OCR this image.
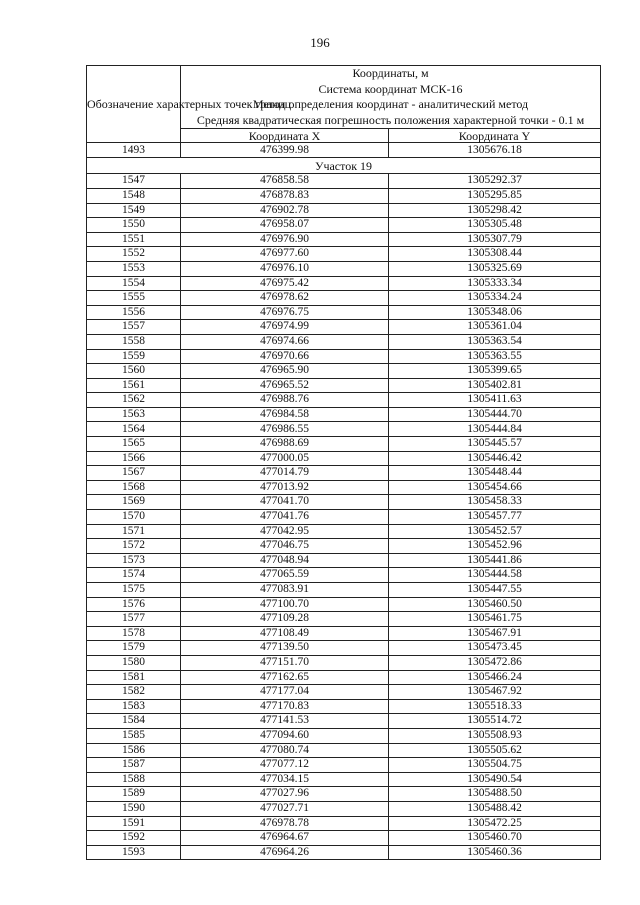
196
Обозначение характерных точек границ	Координаты, м
Система координат МСК-16
Метод определения координат - аналитический метод
Средняя квадратическая погрешность положения характерной точки - 0.1 м	

	Координата X	Координата Y
1493	476399.98	1305676.18
Участок 19		
1547	476858.58	1305292.37
1548	476878.83	1305295.85
1549	476902.78	1305298.42
1550	476958.07	1305305.48
1551	476976.90	1305307.79
1552	476977.60	1305308.44
1553	476976.10	1305325.69
1554	476975.42	1305333.34
1555	476978.62	1305334.24
1556	476976.75	1305348.06
1557	476974.99	1305361.04
1558	476974.66	1305363.54
1559	476970.66	1305363.55
1560	476965.90	1305399.65
1561	476965.52	1305402.81
1562	476988.76	1305411.63
1563	476984.58	1305444.70
1564	476986.55	1305444.84
1565	476988.69	1305445.57
1566	477000.05	1305446.42
1567	477014.79	1305448.44
1568	477013.92	1305454.66
1569	477041.70	1305458.33
1570	477041.76	1305457.77
1571	477042.95	1305452.57
1572	477046.75	1305452.96
1573	477048.94	1305441.86
1574	477065.59	1305444.58
1575	477083.91	1305447.55
1576	477100.70	1305460.50
1577	477109.28	1305461.75
1578	477108.49	1305467.91
1579	477139.50	1305473.45
1580	477151.70	1305472.86
1581	477162.65	1305466.24
1582	477177.04	1305467.92
1583	477170.83	1305518.33
1584	477141.53	1305514.72
1585	477094.60	1305508.93
1586	477080.74	1305505.62
1587	477077.12	1305504.75
1588	477034.15	1305490.54
1589	477027.96	1305488.50
1590	477027.71	1305488.42
1591	476978.78	1305472.25
1592	476964.67	1305460.70
1593	476964.26	1305460.36
